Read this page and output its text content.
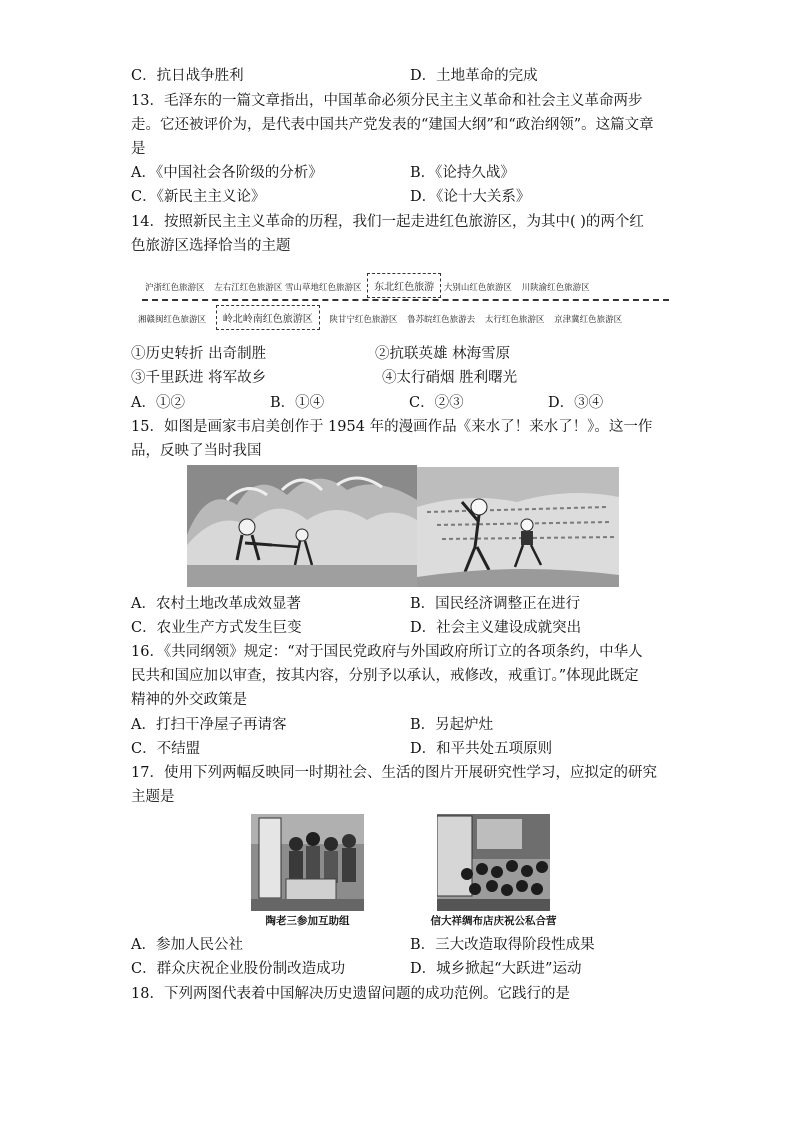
C．抗日战争胜利	D．土地革命的完成
13．毛泽东的一篇文章指出，中国革命必须分民主主义革命和社会主义革命两步
走。它还被评价为，是代表中国共产党发表的“建国大纲”和“政治纲领”。这篇文章
是
A．《中国社会各阶级的分析》	B．《论持久战》
C．《新民主主义论》	D．《论十大关系》
14．按照新民主主义革命的历程，我们一起走进红色旅游区，为其中( )的两个红
色旅游区选择恰当的主题
沪浙红色旅游区 左右江红色旅游区 雪山草地红色旅游区 东北红色旅游 大别山红色旅游区 川陕渝红色旅游区
湘赣闽红色旅游区 岭北岭南红色旅游区 陕甘宁红色旅游区 鲁苏皖红色旅游去 太行红色旅游区 京津冀红色旅游区
①历史转折 出奇制胜	②抗联英雄 林海雪原
③千里跃进 将军故乡	④太行硝烟 胜利曙光
A．①②	B．①④	C．②③	D．③④
15．如图是画家韦启美创作于 1954 年的漫画作品《来水了！来水了！》。这一作
品，反映了当时我国
A．农村土地改革成效显著	B．国民经济调整正在进行
C．农业生产方式发生巨变	D．社会主义建设成就突出
16．《共同纲领》规定：“对于国民党政府与外国政府所订立的各项条约，中华人
民共和国应加以审查，按其内容，分别予以承认，戒修改，戒重订。”体现此既定
精神的外交政策是
A．打扫干净屋子再请客	B．另起炉灶
C．不结盟	D．和平共处五项原则
17．使用下列两幅反映同一时期社会、生活的图片开展研究性学习，应拟定的研究
主题是
陶老三参加互助组	信大祥绸布店庆祝公私合营
A．参加人民公社	B．三大改造取得阶段性成果
C．群众庆祝企业股份制改造成功	D．城乡掀起“大跃进”运动
18．下列两图代表着中国解决历史遗留问题的成功范例。它践行的是
